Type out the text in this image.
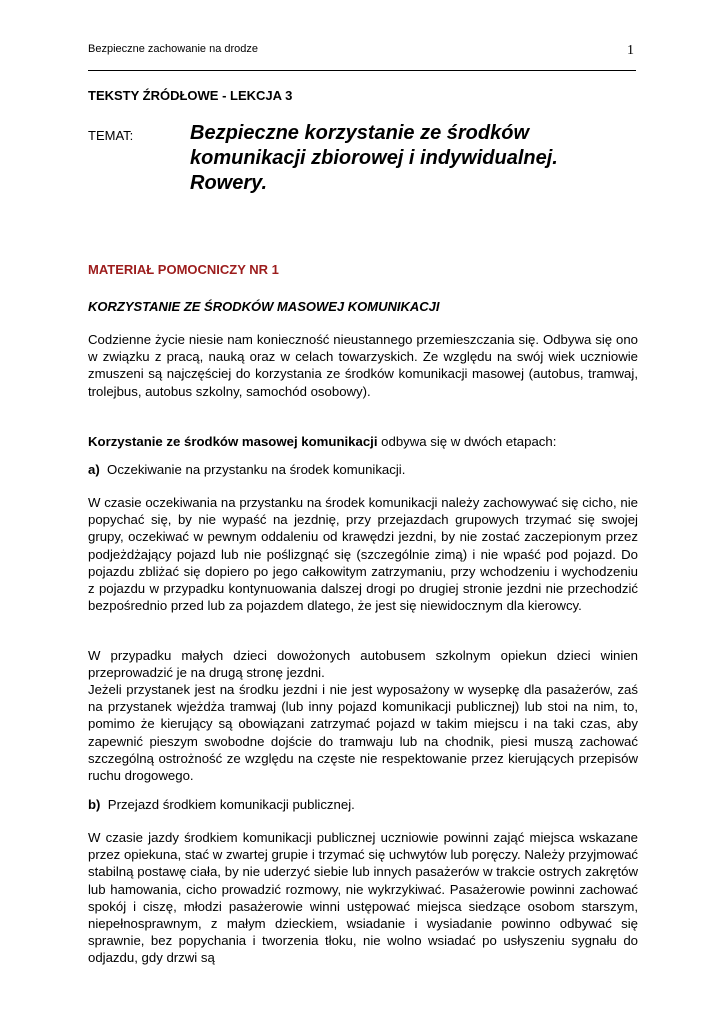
Bezpieczne zachowanie na drodze	1
TEKSTY ŹRÓDŁOWE - LEKCJA 3
TEMAT:	Bezpieczne korzystanie ze środków komunikacji zbiorowej i indywidualnej. Rowery.
MATERIAŁ POMOCNICZY NR 1
KORZYSTANIE ZE ŚRODKÓW MASOWEJ KOMUNIKACJI

Codzienne życie niesie nam konieczność nieustannego przemieszczania się. Odbywa się ono w związku z pracą, nauką oraz w celach towarzyskich. Ze względu na swój wiek uczniowie zmuszeni są najczęściej do korzystania ze środków komunikacji masowej (autobus, tramwaj, trolejbus, autobus szkolny, samochód osobowy).

Korzystanie ze środków masowej komunikacji odbywa się w dwóch etapach:

a)  Oczekiwanie na przystanku na środek komunikacji.

W czasie oczekiwania na przystanku na środek komunikacji należy zachowywać się cicho, nie popychać się, by nie wypaść na jezdnię, przy przejazdach grupowych trzymać się swojej grupy, oczekiwać w pewnym oddaleniu od krawędzi jezdni, by nie zostać zaczepionym przez podjeżdżający pojazd lub nie poślizgnąć się (szczególnie zimą) i nie wpaść pod pojazd. Do pojazdu zbliżać się dopiero po jego całkowitym zatrzymaniu, przy wchodzeniu i wychodzeniu z pojazdu w przypadku kontynuowania dalszej drogi po drugiej stronie jezdni nie przechodzić bezpośrednio przed lub za pojazdem dlatego, że jest się niewidocznym dla kierowcy.

W przypadku małych dzieci dowożonych autobusem szkolnym opiekun dzieci winien przeprowadzić je na drugą stronę jezdni.

Jeżeli przystanek jest na środku jezdni i nie jest wyposażony w wysepkę dla pasażerów, zaś na przystanek wjeżdża tramwaj (lub inny pojazd komunikacji publicznej) lub stoi na nim, to, pomimo że kierujący są obowiązani zatrzymać pojazd w takim miejscu i na taki czas, aby zapewnić pieszym swobodne dojście do tramwaju lub na chodnik, piesi muszą zachować szczególną ostrożność ze względu na częste nie respektowanie przez kierujących przepisów ruchu drogowego.

b)  Przejazd środkiem komunikacji publicznej.

W czasie jazdy środkiem komunikacji publicznej uczniowie powinni zająć miejsca wskazane przez opiekuna, stać w zwartej grupie i trzymać się uchwytów lub poręczy. Należy przyjmować stabilną postawę ciała, by nie uderzyć siebie lub innych pasażerów w trakcie ostrych zakrętów lub hamowania, cicho prowadzić rozmowy, nie wykrzykiwać. Pasażerowie powinni zachować spokój i ciszę, młodzi pasażerowie winni ustępować miejsca siedzące osobom starszym, niepełnosprawnym, z małym dzieckiem, wsiadanie i wysiadanie powinno odbywać się sprawnie, bez popychania i tworzenia tłoku, nie wolno wsiadać po usłyszeniu sygnału do odjazdu, gdy drzwi są
